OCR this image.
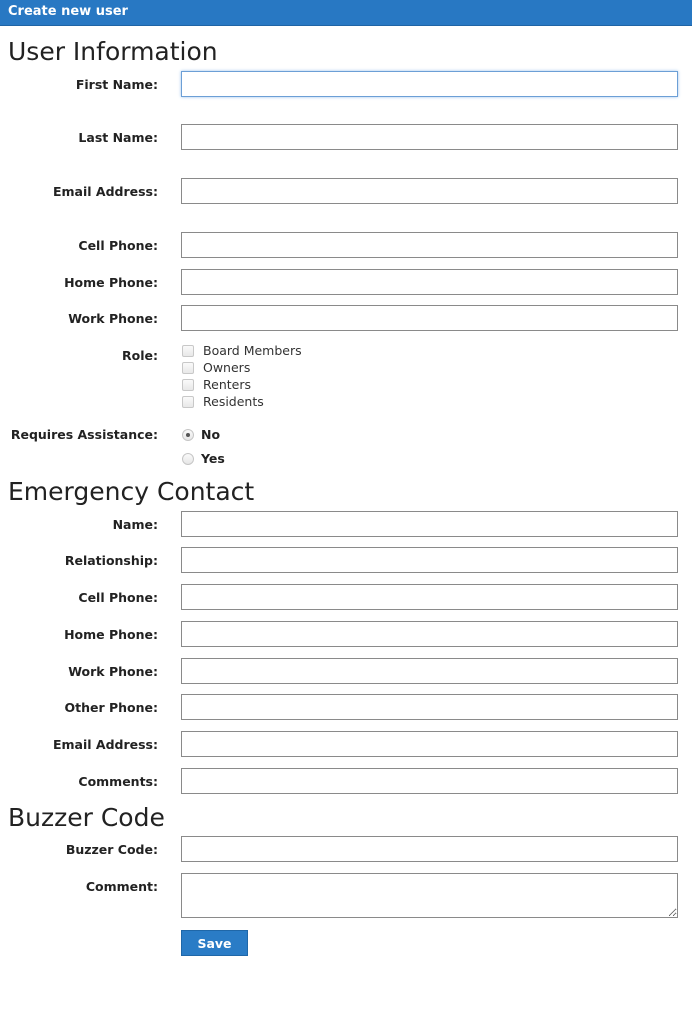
Create new user
User Information
First Name:
Last Name:
Email Address:
Cell Phone:
Home Phone:
Work Phone:
Role:	Board Members
Owners
Renters
Residents
Requires Assistance:	No
Yes
Emergency Contact
Name:
Relationship:
Cell Phone:
Home Phone:
Work Phone:
Other Phone:
Email Address:
Comments:
Buzzer Code
Buzzer Code:
Comment:
Save
